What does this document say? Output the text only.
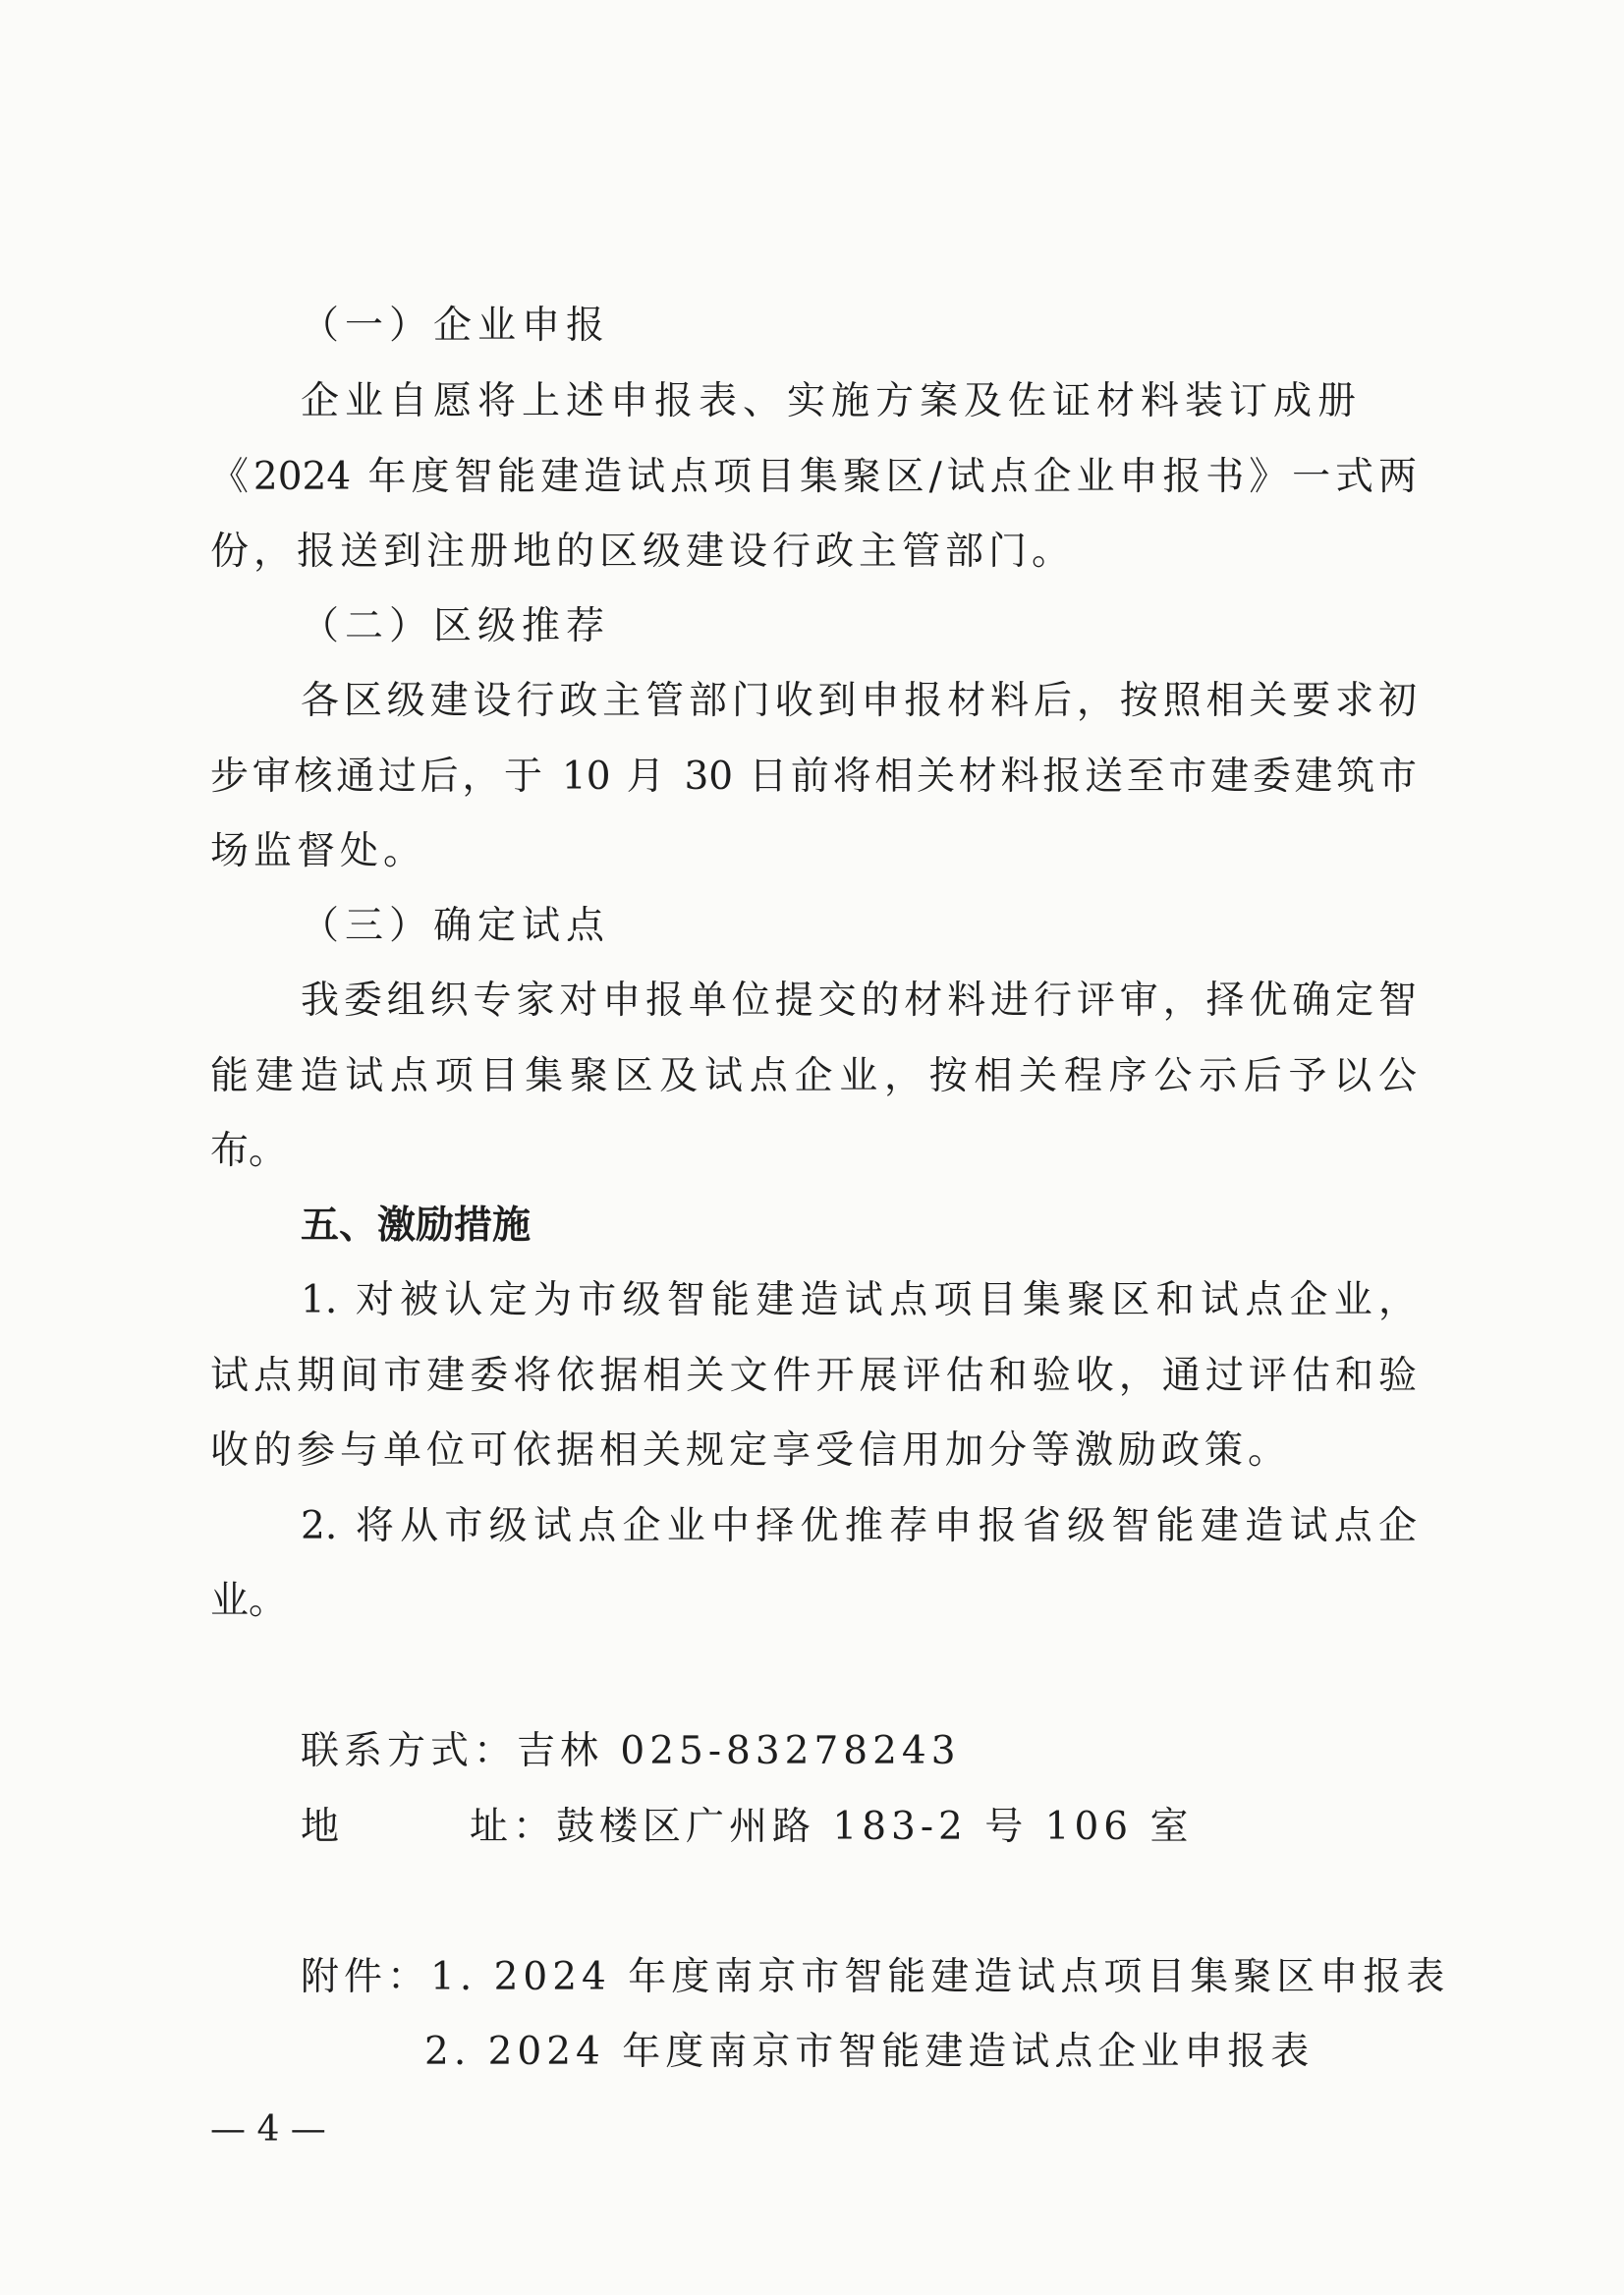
（一）企业申报
企业自愿将上述申报表、实施方案及佐证材料装订成册
《2024 年度智能建造试点项目集聚区/试点企业申报书》一式两
份，报送到注册地的区级建设行政主管部门。
（二）区级推荐
各区级建设行政主管部门收到申报材料后，按照相关要求初
步审核通过后，于 10 月 30 日前将相关材料报送至市建委建筑市
场监督处。
（三）确定试点
我委组织专家对申报单位提交的材料进行评审，择优确定智
能建造试点项目集聚区及试点企业，按相关程序公示后予以公
布。
五、激励措施
1. 对被认定为市级智能建造试点项目集聚区和试点企业，
试点期间市建委将依据相关文件开展评估和验收，通过评估和验
收的参与单位可依据相关规定享受信用加分等激励政策。
2. 将从市级试点企业中择优推荐申报省级智能建造试点企
业。
联系方式：吉林 025-83278243
地	址：鼓楼区广州路 183-2 号 106 室
附件：1. 2024 年度南京市智能建造试点项目集聚区申报表
2. 2024 年度南京市智能建造试点企业申报表
— 4 —
